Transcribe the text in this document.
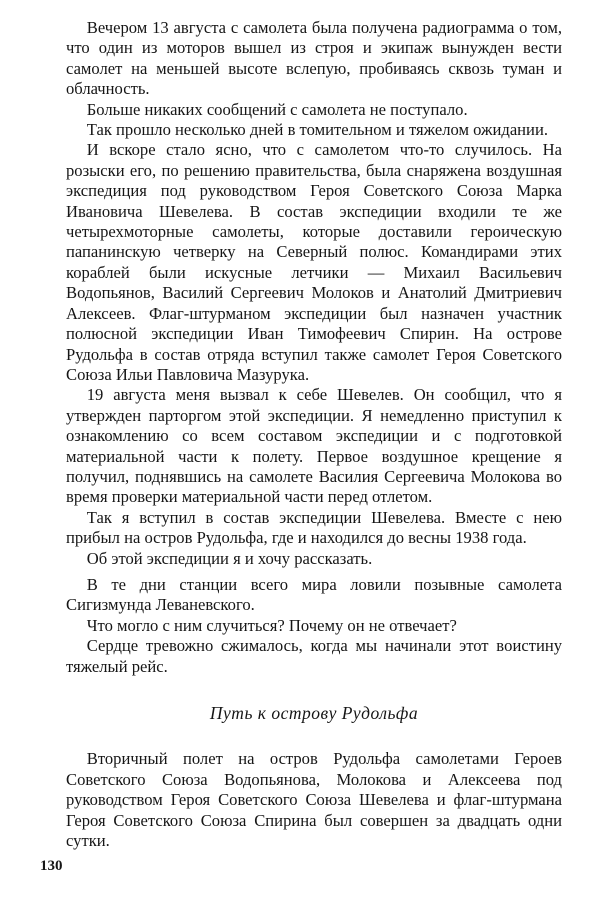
Вечером 13 августа с самолета была получена радиограмма о том, что один из моторов вышел из строя и экипаж вынужден вести самолет на меньшей высоте вслепую, пробиваясь сквозь туман и облачность.

Больше никаких сообщений с самолета не поступало.

Так прошло несколько дней в томительном и тяжелом ожидании.

И вскоре стало ясно, что с самолетом что-то случилось. На розыски его, по решению правительства, была снаряжена воздушная экспедиция под руководством Героя Советского Союза Марка Ивановича Шевелева. В состав экспедиции входили те же четырехмоторные самолеты, которые доставили героическую папанинскую четверку на Северный полюс. Командирами этих кораблей были искусные летчики — Михаил Васильевич Водопьянов, Василий Сергеевич Молоков и Анатолий Дмитриевич Алексеев. Флаг-штурманом экспедиции был назначен участник полюсной экспедиции Иван Тимофеевич Спирин. На острове Рудольфа в состав отряда вступил также самолет Героя Советского Союза Ильи Павловича Мазурука.

19 августа меня вызвал к себе Шевелев. Он сообщил, что я утвержден парторгом этой экспедиции. Я немедленно приступил к ознакомлению со всем составом экспедиции и с подготовкой материальной части к полету. Первое воздушное крещение я получил, поднявшись на самолете Василия Сергеевича Молокова во время проверки материальной части перед отлетом.

Так я вступил в состав экспедиции Шевелева. Вместе с нею прибыл на остров Рудольфа, где и находился до весны 1938 года.

Об этой экспедиции я и хочу рассказать.

В те дни станции всего мира ловили позывные самолета Сигизмунда Леваневского.

Что могло с ним случиться? Почему он не отвечает?

Сердце тревожно сжималось, когда мы начинали этот вοистину тяжелый рейс.

Путь к острову Рудольфа

Вторичный полет на остров Рудольфа самолетами Героев Советского Союза Водопьянова, Молокова и Алексеева под руководством Героя Советского Союза Шевелева и флаг-штурмана Героя Советского Союза Спирина был совершен за двадцать одни сутки.

130
